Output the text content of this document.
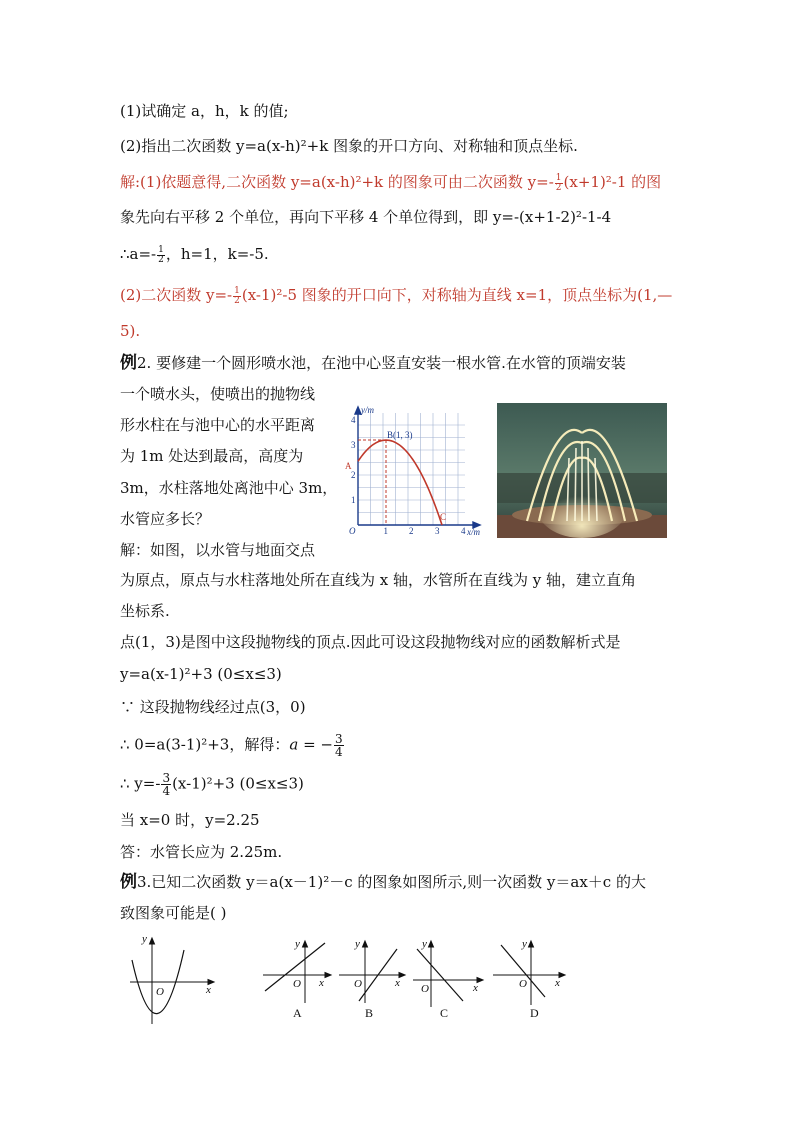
(1)试确定 a，h，k 的值;
(2)指出二次函数 y=a(x-h)²+k 图象的开口方向、对称轴和顶点坐标.
解:(1)依题意得,二次函数 y=a(x-h)²+k 的图象可由二次函数 $y=- \frac{1}{2} (x+1)^2-1$ 的图
象先向右平移 2 个单位，再向下平移 4 个单位得到，即 y=-(x+1-2)²-1-4
∴a=- $\frac{1}{2}$ ，h=1，k=-5.
(2)二次函数 $y=- \frac{1}{2} (x-1)^2-5$ 图象的开口向下，对称轴为直线 x=1，顶点坐标为(1,—
5).
例2. 要修建一个圆形喷水池，在池中心竖直安装一根水管.在水管的顶端安装
一个喷水头，使喷出的抛物线
形水柱在与池中心的水平距离
为 1m 处达到最高，高度为
3m，水柱落地处离池中心 3m，
水管应多长？
解：如图，以水管与地面交点
为原点，原点与水柱落地处所在直线为 x 轴，水管所在直线为 y 轴，建立直角
坐标系.
点(1，3)是图中这段抛物线的顶点.因此可设这段抛物线对应的函数解析式是
y=a(x-1)²+3 (0≤x≤3)
∵ 这段抛物线经过点(3，0)
∴ 0=a(3-1)²+3，解得：a = − $\frac{3}{4}$
∴ $y=- \frac{3}{4} (x-1)^2+3$ (0≤x≤3)
当 x=0 时，y=2.25
答：水管长应为 2.25m.
y/m
x/m
O	1 2 3 4
1
2
3
4
A
B(1, 3)
C
例3.已知二次函数 y＝a(x－1)²－c 的图象如图所示,则一次函数 y＝ax＋c 的大
致图象可能是( )
y
x
O
y
x
O
A
y
x
O
B
y
x
O
C
y
x
O
D
